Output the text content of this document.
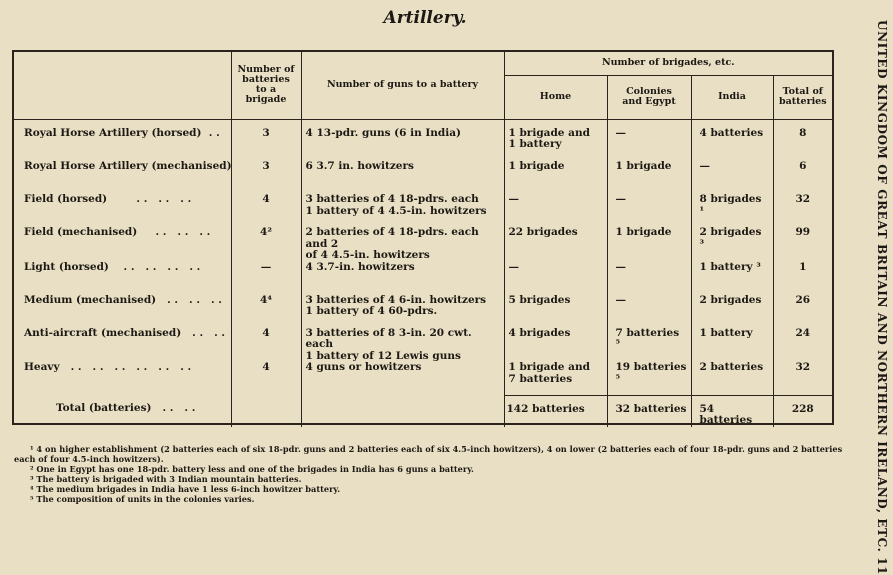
Artillery.
UNITED KINGDOM OF GREAT BRITAIN AND NORTHERN IRELAND, ETC. 11
	Number of batteries to a brigade	Number of guns to a battery	Number of brigades, etc.			
			Home	Colonies and Egypt	India	Total of batteries
Royal Horse Artillery (horsed)  . .	3	4 13-pdr. guns (6 in India)	1 brigade and
1 battery	—	4 batteries	8
Royal Horse Artillery (mechanised)	3	6 3.7 in. howitzers	1 brigade	1 brigade	—	6
Field (horsed)        . .   . .   . .	4	3 batteries of 4 18-pdrs. each
1 battery of 4 4.5-in. howitzers	—	—	8 brigades ¹	32
Field (mechanised)     . .   . .   . .	4²	2 batteries of 4 18-pdrs. each and 2
of 4 4.5-in. howitzers	22 brigades	1 brigade	2 brigades ³	99
Light (horsed)    . .   . .   . .   . .	—	4 3.7-in. howitzers	—	—	1 battery ³	1
Medium (mechanised)   . .   . .   . .	4⁴	3 batteries of 4 6-in. howitzers
1 battery of 4 60-pdrs.	5 brigades	—	2 brigades	26
Anti-aircraft (mechanised)   . .   . .	4	3 batteries of 8 3-in. 20 cwt. each
1 battery of 12 Lewis guns	4 brigades	7 batteries ⁵	1 battery	24
Heavy   . .   . .   . .   . .   . .   . .	4	4 guns or howitzers	1 brigade and
7 batteries	19 batteries ⁵	2 batteries	32
Total (batteries)   . .   . .			142 batteries	32 batteries	54 batteries	228

¹ 4 on higher establishment (2 batteries each of six 18-pdr. guns and 2 batteries each of six 4.5-inch howitzers), 4 on lower (2 batteries each of four 18-pdr. guns and 2 batteries each of four 4.5-inch howitzers).

² One in Egypt has one 18-pdr. battery less and one of the brigades in India has 6 guns a battery.

³ The battery is brigaded with 3 Indian mountain batteries.

⁴ The medium brigades in India have 1 less 6-inch howitzer battery.

⁵ The composition of units in the colonies varies.
